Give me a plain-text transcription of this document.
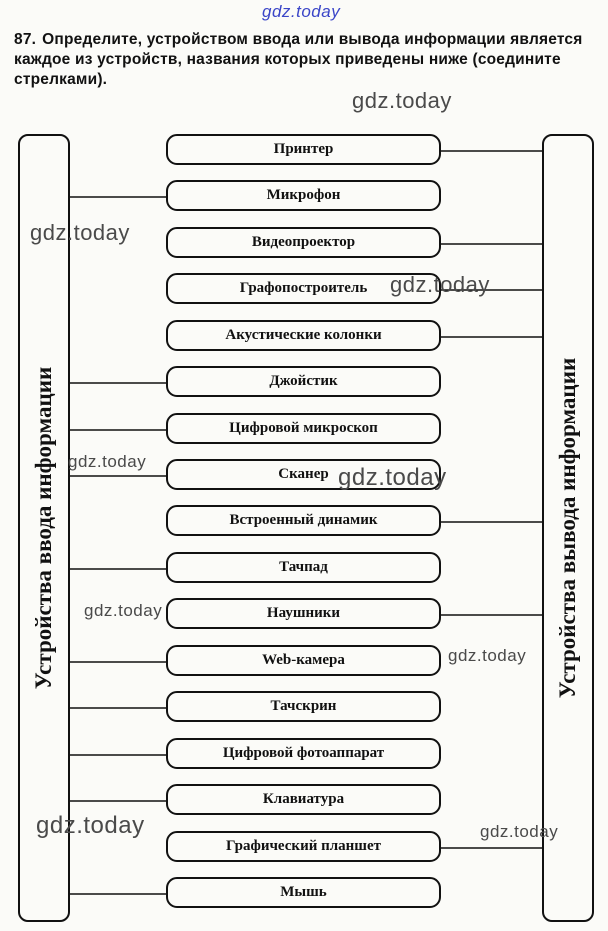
gdz.today
87. Определите, устройством ввода или вывода информации является каждое из устройств, названия которых приведены ниже (соедините стрелками).
Устройства ввода информации	Устройства вывода информации
Принтер
Микрофон
Видеопроектор
Графопостроитель
Акустические колонки
Джойстик
Цифровой микроскоп
Сканер
Встроенный динамик
Тачпад
Наушники
Web-камера
Тачскрин
Цифровой фотоаппарат
Клавиатура
Графический планшет
Мышь
gdz.today
gdz.today
gdz.today
gdz.today
gdz.today
gdz.today
gdz.today
gdz.today	gdz.today
